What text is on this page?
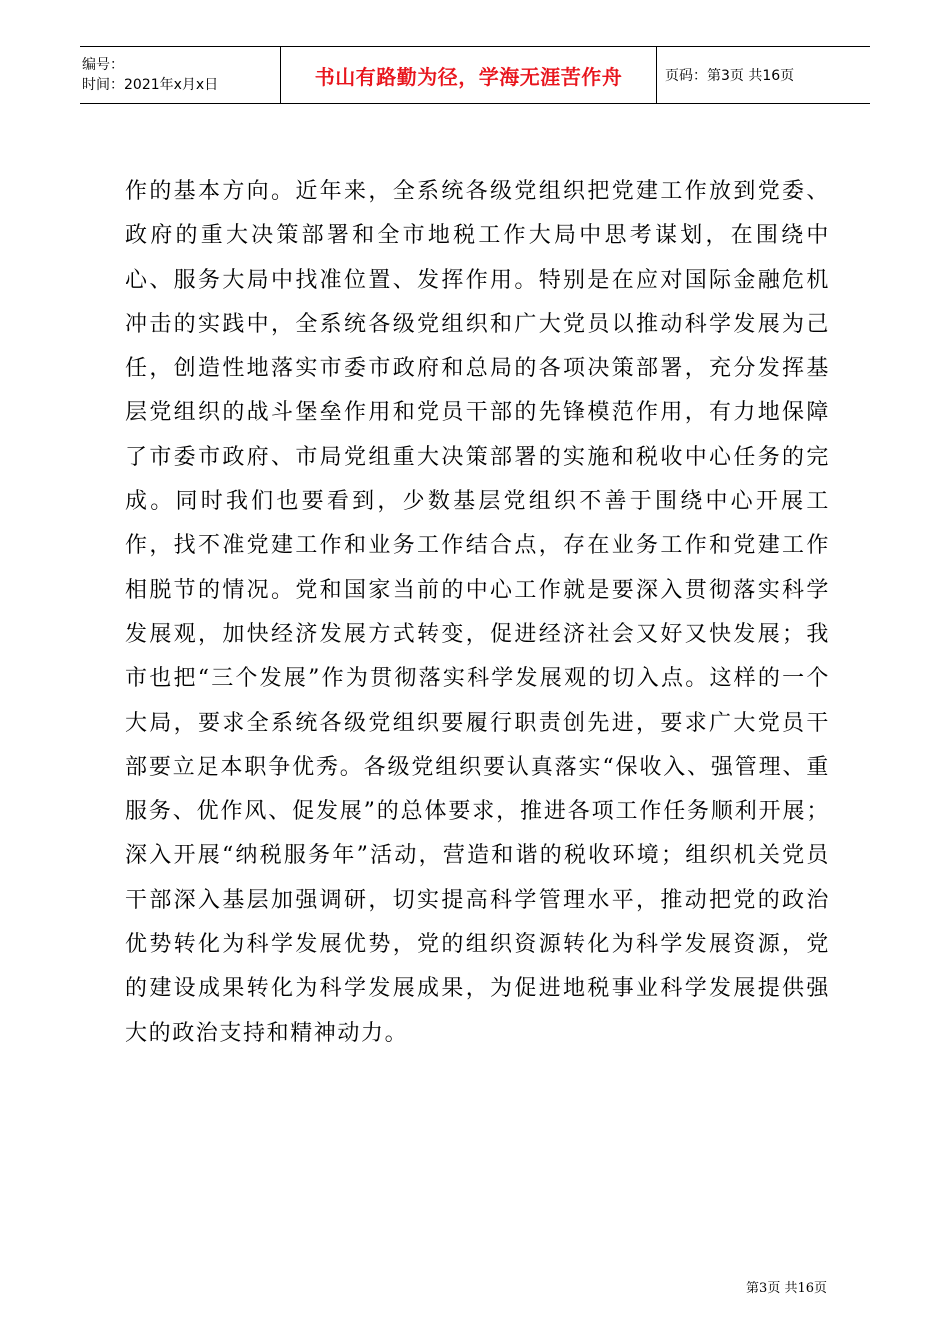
编号：
时间：2021年x月x日	书山有路勤为径，学海无涯苦作舟	页码：第3页 共16页

作的基本方向。近年来，全系统各级党组织把党建工作放到党委、政府的重大决策部署和全市地税工作大局中思考谋划，在围绕中心、服务大局中找准位置、发挥作用。特别是在应对国际金融危机冲击的实践中，全系统各级党组织和广大党员以推动科学发展为己任，创造性地落实市委市政府和总局的各项决策部署，充分发挥基层党组织的战斗堡垒作用和党员干部的先锋模范作用，有力地保障了市委市政府、市局党组重大决策部署的实施和税收中心任务的完成。同时我们也要看到，少数基层党组织不善于围绕中心开展工作，找不准党建工作和业务工作结合点，存在业务工作和党建工作相脱节的情况。党和国家当前的中心工作就是要深入贯彻落实科学发展观，加快经济发展方式转变，促进经济社会又好又快发展；我市也把“三个发展”作为贯彻落实科学发展观的切入点。这样的一个大局，要求全系统各级党组织要履行职责创先进，要求广大党员干部要立足本职争优秀。各级党组织要认真落实“保收入、强管理、重服务、优作风、促发展”的总体要求，推进各项工作任务顺利开展；深入开展“纳税服务年”活动，营造和谐的税收环境；组织机关党员干部深入基层加强调研，切实提高科学管理水平，推动把党的政治优势转化为科学发展优势，党的组织资源转化为科学发展资源，党的建设成果转化为科学发展成果，为促进地税事业科学发展提供强大的政治支持和精神动力。

第3页 共16页
